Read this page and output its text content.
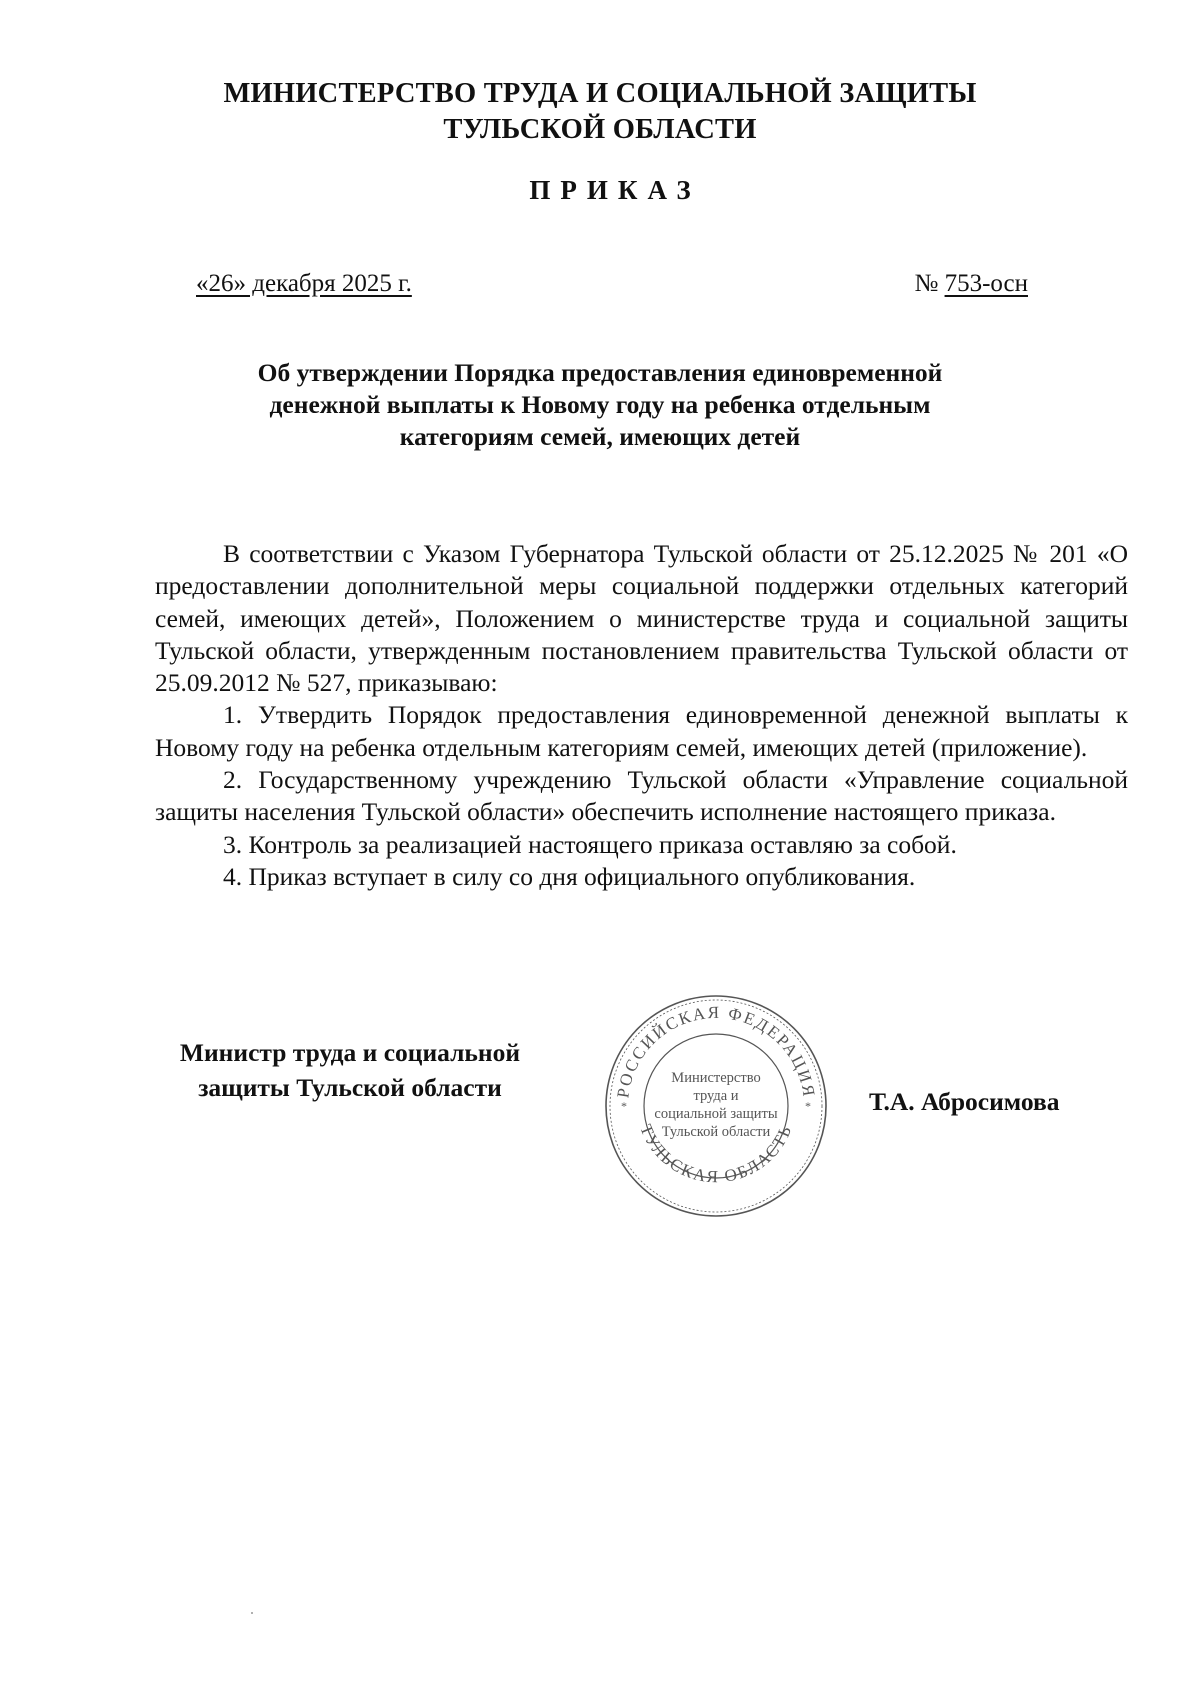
МИНИСТЕРСТВО ТРУДА И СОЦИАЛЬНОЙ ЗАЩИТЫ
ТУЛЬСКОЙ ОБЛАСТИ
ПРИКАЗ
«26» декабря 2025 г.	№ 753-осн
Об утверждении Порядка предоставления единовременной
денежной выплаты к Новому году на ребенка отдельным
категориям семей, имеющих детей

В соответствии с Указом Губернатора Тульской области от 25.12.2025 № 201 «О предоставлении дополнительной меры социальной поддержки отдельных категорий семей, имеющих детей», Положением о министерстве труда и социальной защиты Тульской области, утвержденным постановлением правительства Тульской области от 25.09.2012 № 527, приказываю:

1. Утвердить Порядок предоставления единовременной денежной выплаты к Новому году на ребенка отдельным категориям семей, имеющих детей (приложение).

2. Государственному учреждению Тульской области «Управление социальной защиты населения Тульской области» обеспечить исполнение настоящего приказа.

3. Контроль за реализацией настоящего приказа оставляю за собой.

4. Приказ вступает в силу со дня официального опубликования.

Министр труда и социальной
защиты Тульской области	РОССИЙСКАЯ ФЕДЕРАЦИЯ
ТУЛЬСКАЯ ОБЛАСТЬ
*	*
Министерство
труда и
социальной защиты
Тульской области
Т.А. Абросимова
